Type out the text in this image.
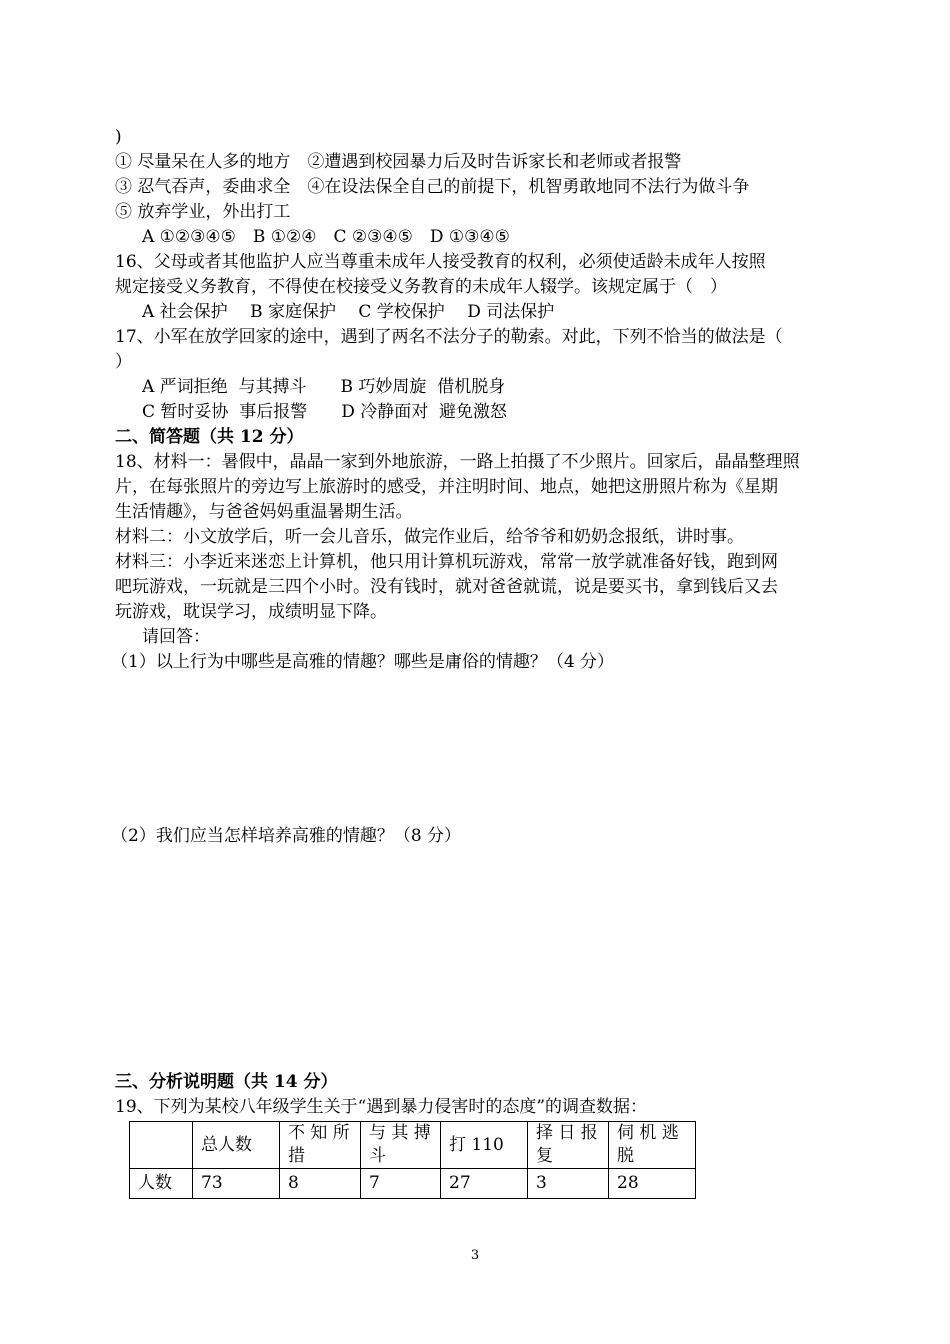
)
① 尽量呆在人多的地方　②遭遇到校园暴力后及时告诉家长和老师或者报警
③ 忍气吞声，委曲求全　④在设法保全自己的前提下，机智勇敢地同不法行为做斗争
⑤ 放弃学业，外出打工
A ①②③④⑤　B ①②④　C ②③④⑤　D ①③④⑤
16、父母或者其他监护人应当尊重未成年人接受教育的权利，必须使适龄未成年人按照
规定接受义务教育，不得使在校接受义务教育的未成年人辍学。该规定属于（　）
A 社会保护　 B 家庭保护　 C 学校保护　 D 司法保护
17、小军在放学回家的途中，遇到了两名不法分子的勒索。对此，下列不恰当的做法是（
）
A 严词拒绝  与其搏斗　　B 巧妙周旋  借机脱身
C 暂时妥协  事后报警　　D 冷静面对  避免激怒
二、简答题（共 12 分）
18、材料一：暑假中，晶晶一家到外地旅游，一路上拍摄了不少照片。回家后，晶晶整理照
片，在每张照片的旁边写上旅游时的感受，并注明时间、地点，她把这册照片称为《星期
生活情趣》，与爸爸妈妈重温暑期生活。
材料二：小文放学后，听一会儿音乐，做完作业后，给爷爷和奶奶念报纸，讲时事。
材料三：小李近来迷恋上计算机，他只用计算机玩游戏，常常一放学就准备好钱，跑到网
吧玩游戏，一玩就是三四个小时。没有钱时，就对爸爸就谎，说是要买书，拿到钱后又去
玩游戏，耽误学习，成绩明显下降。
请回答：
（1）以上行为中哪些是高雅的情趣？哪些是庸俗的情趣？（4 分）
（2）我们应当怎样培养高雅的情趣？（8 分）
三、分析说明题（共 14 分）
19、下列为某校八年级学生关于“遇到暴力侵害时的态度”的调查数据：
	总人数	不 知 所 措	与 其 搏 斗	打 110	择 日 报 复	伺 机 逃 脱
人数	73	8	7	27	3	28
3
